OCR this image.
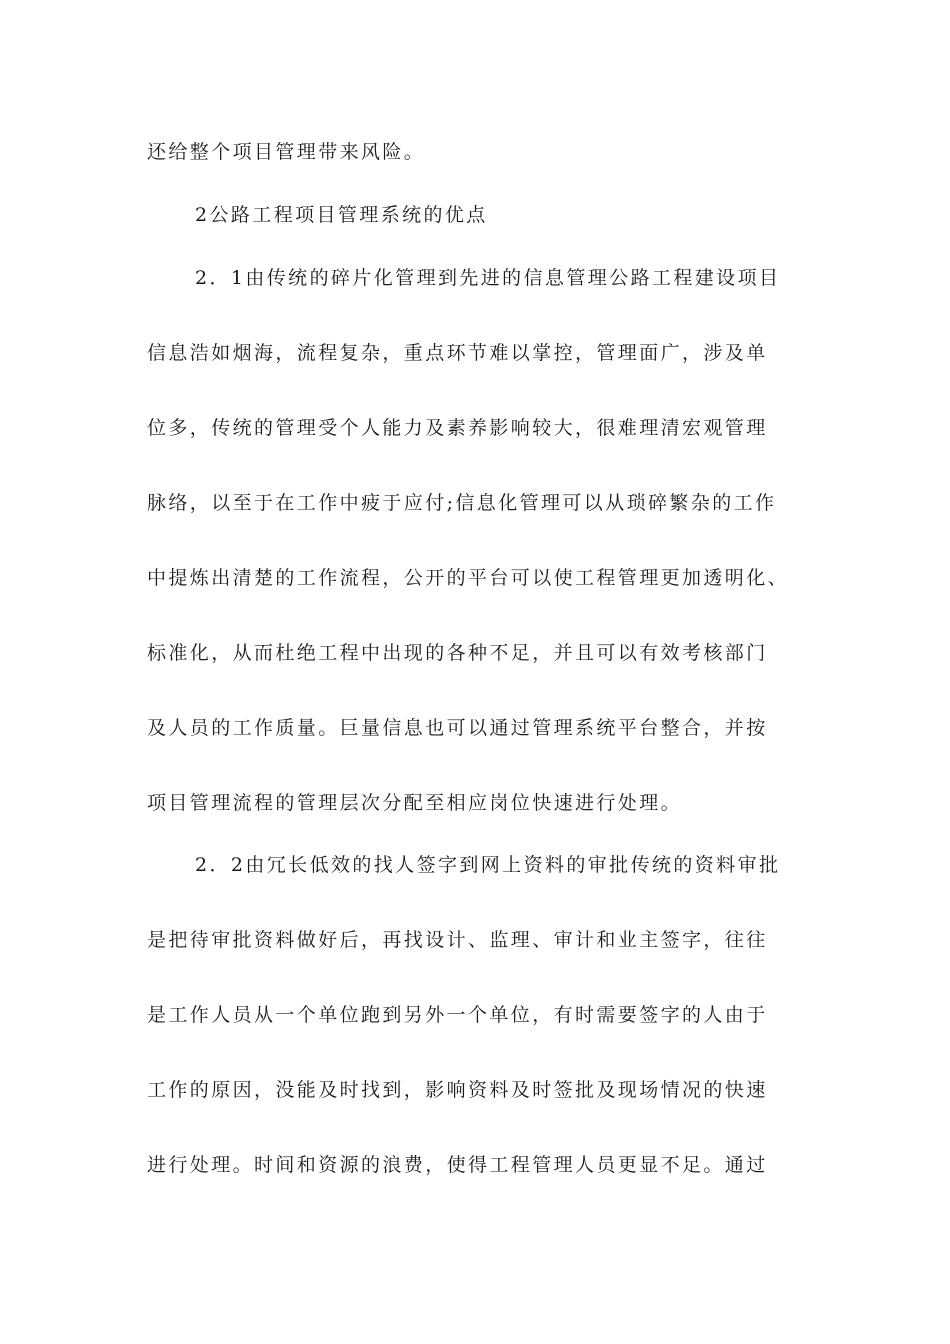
还给整个项目管理带来风险。

2公路工程项目管理系统的优点

2．1由传统的碎片化管理到先进的信息管理公路工程建设项目

信息浩如烟海，流程复杂，重点环节难以掌控，管理面广，涉及单

位多，传统的管理受个人能力及素养影响较大，很难理清宏观管理

脉络，以至于在工作中疲于应付;信息化管理可以从琐碎繁杂的工作

中提炼出清楚的工作流程，公开的平台可以使工程管理更加透明化、

标准化，从而杜绝工程中出现的各种不足，并且可以有效考核部门

及人员的工作质量。巨量信息也可以通过管理系统平台整合，并按

项目管理流程的管理层次分配至相应岗位快速进行处理。

2．2由冗长低效的找人签字到网上资料的审批传统的资料审批

是把待审批资料做好后，再找设计、监理、审计和业主签字，往往

是工作人员从一个单位跑到另外一个单位，有时需要签字的人由于

工作的原因，没能及时找到，影响资料及时签批及现场情况的快速

进行处理。时间和资源的浪费，使得工程管理人员更显不足。通过
